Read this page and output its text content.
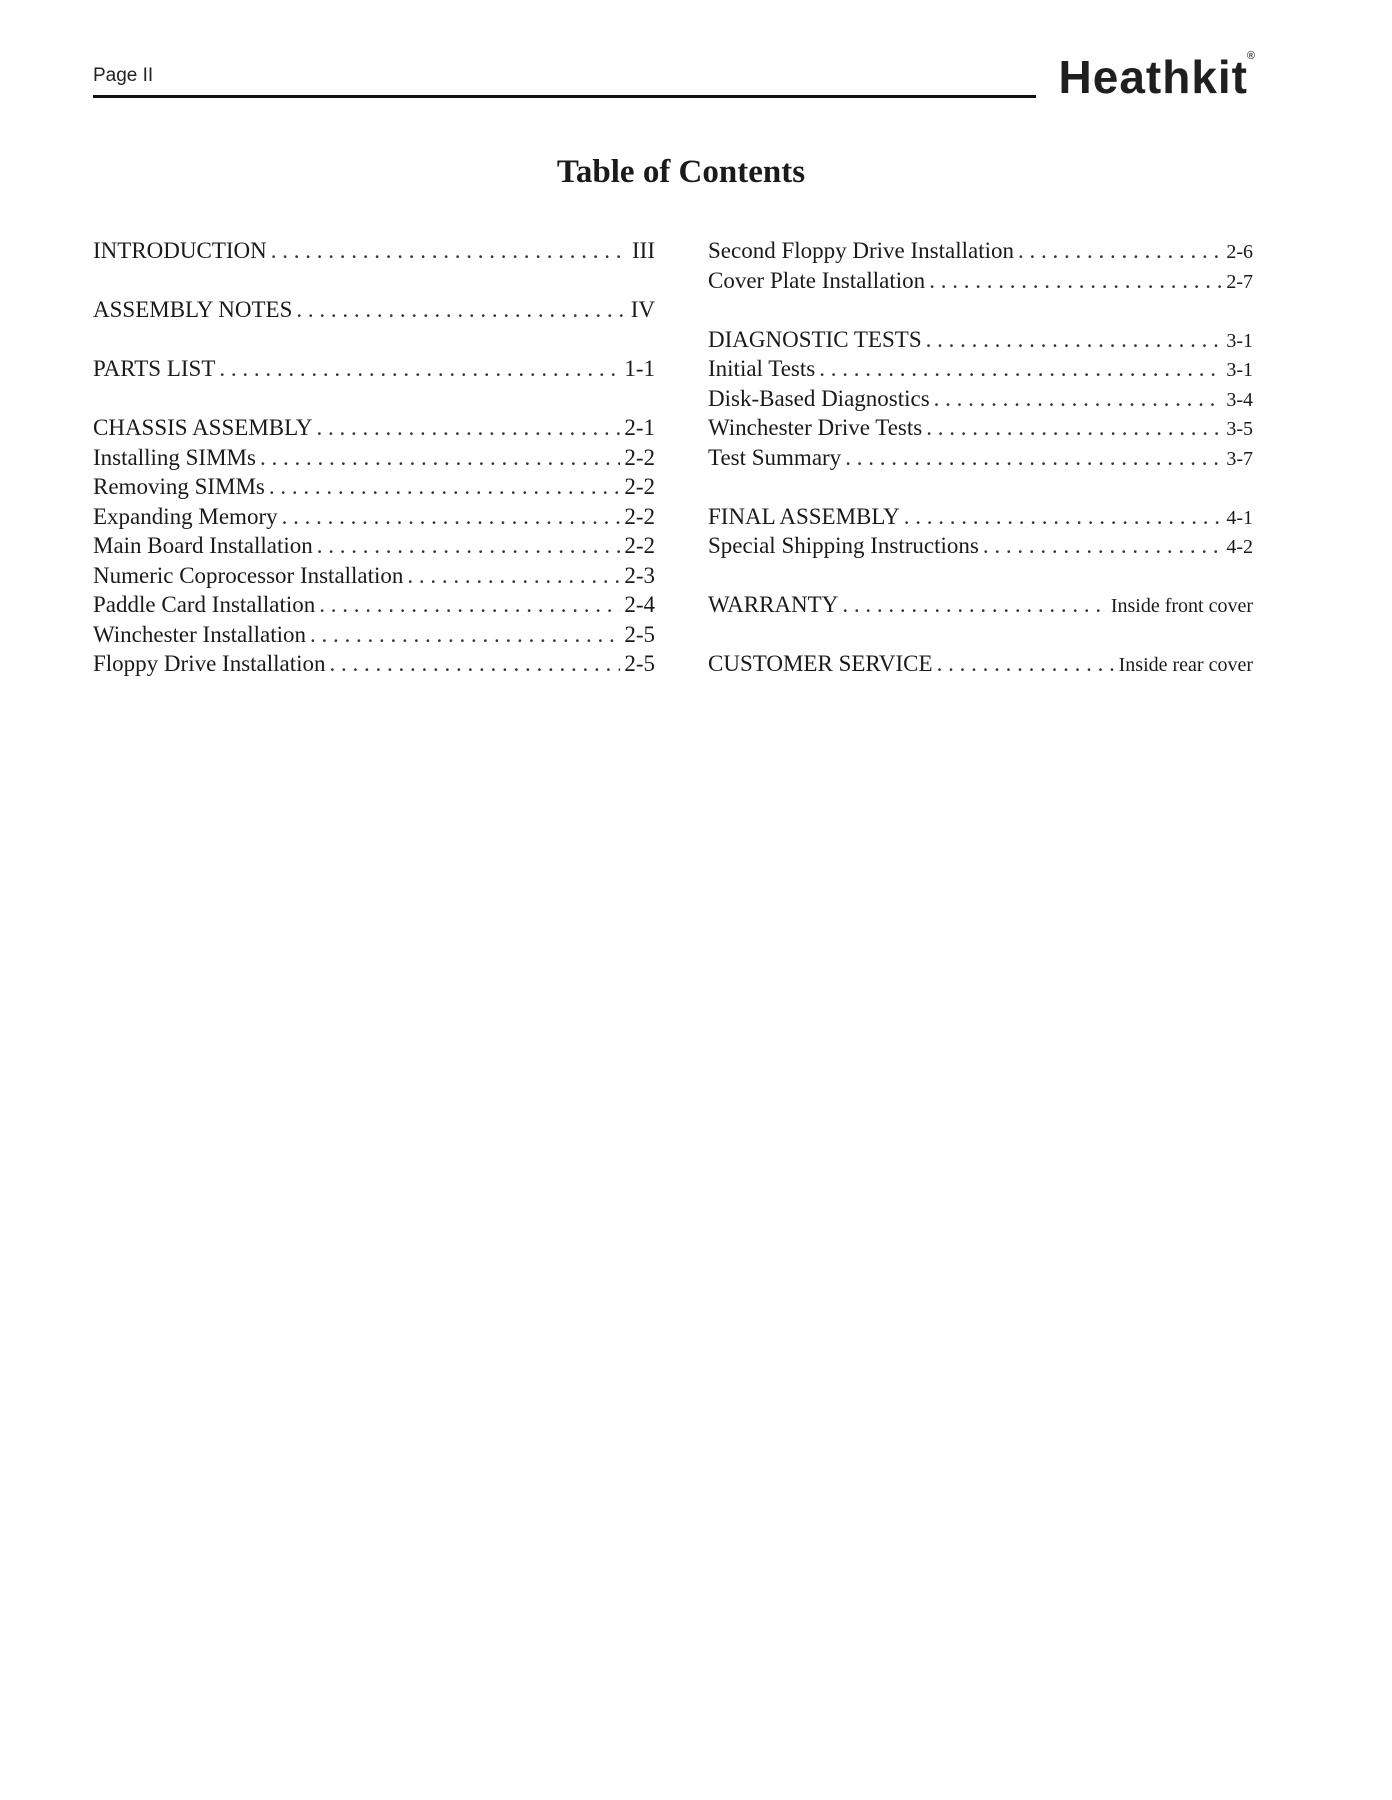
Page II	Heathkit
®
Table of Contents
INTRODUCTION . . .	III
ASSEMBLY NOTES . . .	IV
PARTS LIST . . .	1-1
CHASSIS ASSEMBLY . . .	2-1
Installing SIMMs . . .	2-2
Removing SIMMs . . .	2-2
Expanding Memory . . .	2-2
Main Board Installation . . .	2-2
Numeric Coprocessor Installation . . .	2-3
Paddle Card Installation . . .	2-4
Winchester Installation . . .	2-5
Floppy Drive Installation . . .	2-5
Second Floppy Drive Installation . . .	2-6
Cover Plate Installation . . .	2-7
DIAGNOSTIC TESTS . . .	3-1
Initial Tests . . .	3-1
Disk-Based Diagnostics . . .	3-4
Winchester Drive Tests . . .	3-5
Test Summary . . .	3-7
FINAL ASSEMBLY . . .	4-1
Special Shipping Instructions . . .	4-2
WARRANTY . . .	Inside front cover
CUSTOMER SERVICE . . .	Inside rear cover
